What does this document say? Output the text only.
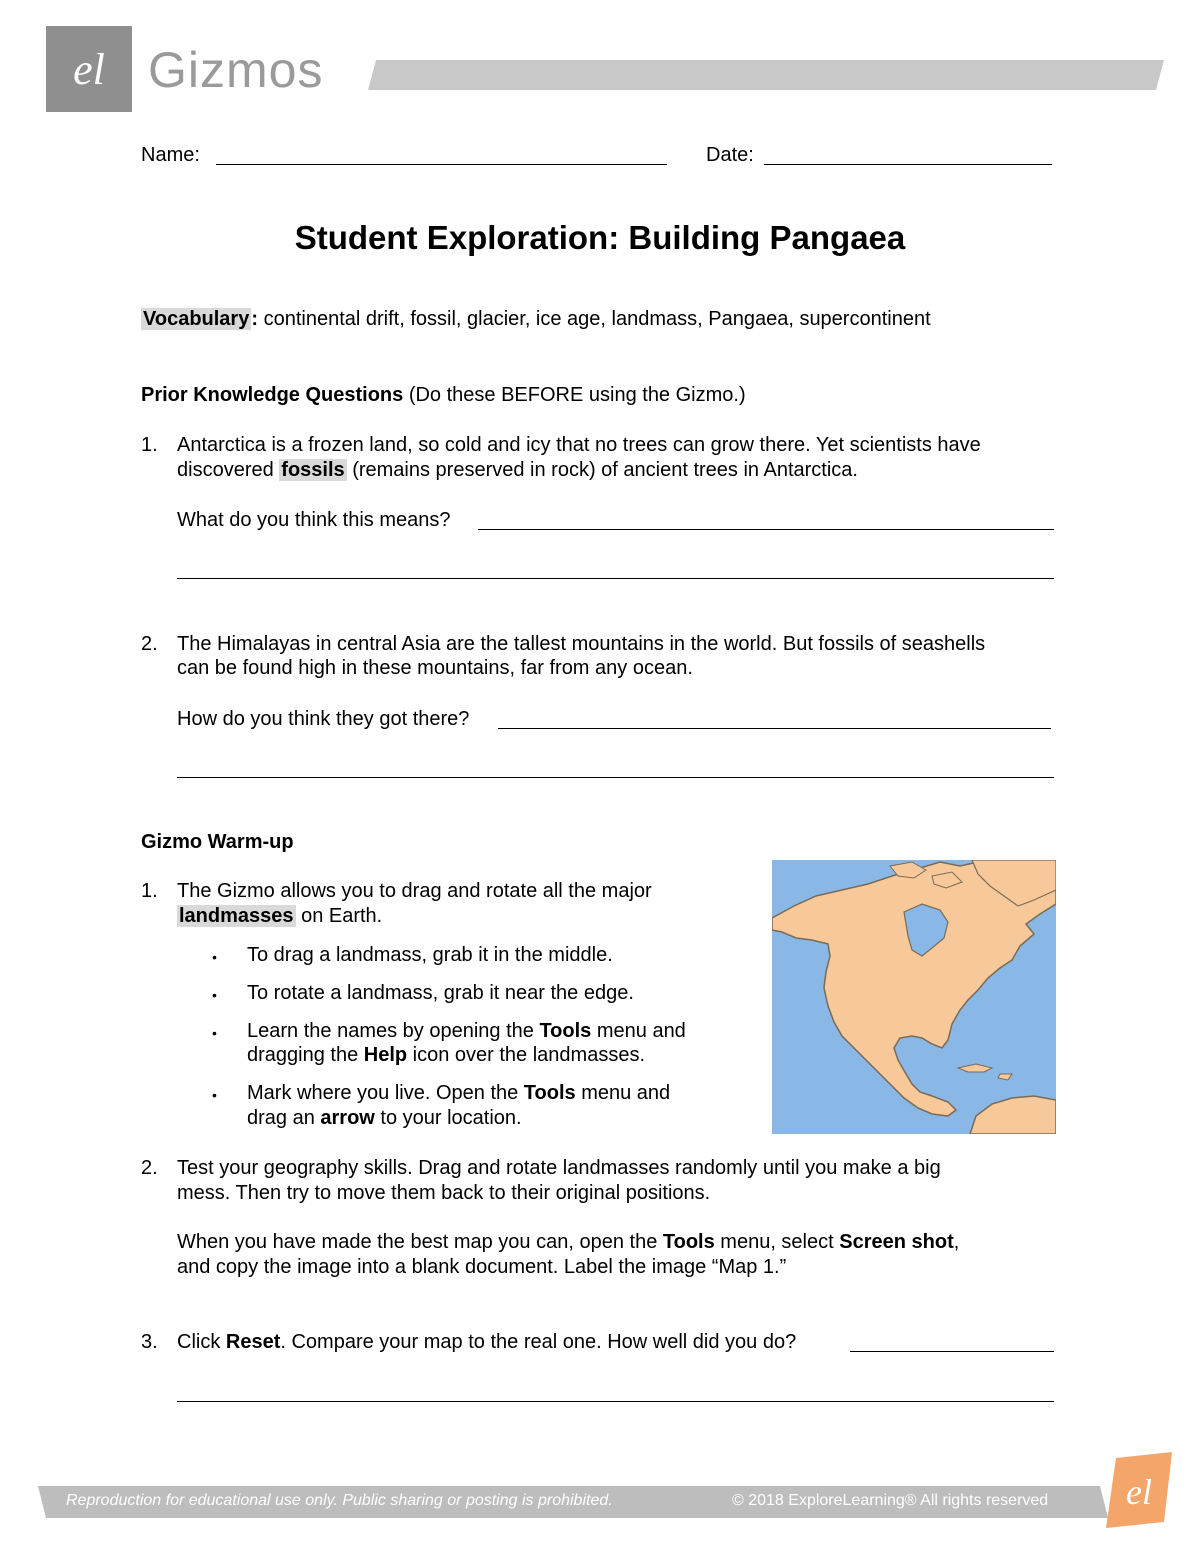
el Gizmos
Name:	Date:
Student Exploration: Building Pangaea
Vocabulary : continental drift, fossil, glacier, ice age, landmass, Pangaea, supercontinent
Prior Knowledge Questions (Do these BEFORE using the Gizmo.)
1. Antarctica is a frozen land, so cold and icy that no trees can grow there. Yet scientists have
discovered fossils (remains preserved in rock) of ancient trees in Antarctica.
What do you think this means?
2. The Himalayas in central Asia are the tallest mountains in the world. But fossils of seashells
can be found high in these mountains, far from any ocean.
How do you think they got there?
Gizmo Warm-up
1. The Gizmo allows you to drag and rotate all the major
landmasses on Earth.
• To drag a landmass, grab it in the middle.
• To rotate a landmass, grab it near the edge.
• Learn the names by opening the Tools menu and
dragging the Help icon over the landmasses.
• Mark where you live. Open the Tools menu and
drag an arrow to your location.
2. Test your geography skills. Drag and rotate landmasses randomly until you make a big
mess. Then try to move them back to their original positions.
When you have made the best map you can, open the Tools menu, select Screen shot,
and copy the image into a blank document. Label the image “Map 1.”
3. Click Reset. Compare your map to the real one. How well did you do?
Reproduction for educational use only. Public sharing or posting is prohibited.	© 2018 ExploreLearning® All rights reserved el
